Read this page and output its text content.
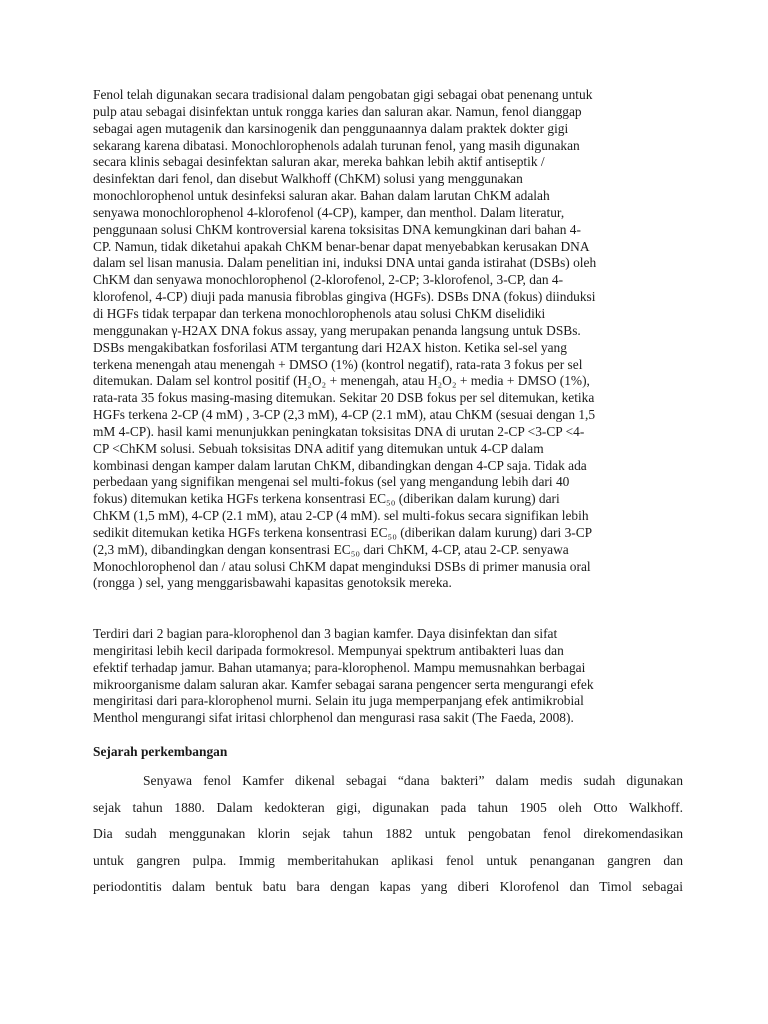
Fenol telah digunakan secara tradisional dalam pengobatan gigi sebagai obat penenang untuk

pulp atau sebagai disinfektan untuk rongga karies dan saluran akar. Namun, fenol dianggap

sebagai agen mutagenik dan karsinogenik dan penggunaannya dalam praktek dokter gigi

sekarang karena dibatasi. Monochlorophenols adalah turunan fenol, yang masih digunakan

secara klinis sebagai desinfektan saluran akar, mereka bahkan lebih aktif antiseptik /

desinfektan dari fenol, dan disebut Walkhoff (ChKM) solusi yang menggunakan

monochlorophenol untuk desinfeksi saluran akar. Bahan dalam larutan ChKM adalah

senyawa monochlorophenol 4-klorofenol (4-CP), kamper, dan menthol. Dalam literatur,

penggunaan solusi ChKM kontroversial karena toksisitas DNA kemungkinan dari bahan 4-

CP. Namun, tidak diketahui apakah ChKM benar-benar dapat menyebabkan kerusakan DNA

dalam sel lisan manusia. Dalam penelitian ini, induksi DNA untai ganda istirahat (DSBs) oleh

ChKM dan senyawa monochlorophenol (2-klorofenol, 2-CP; 3-klorofenol, 3-CP, dan 4-

klorofenol, 4-CP) diuji pada manusia fibroblas gingiva (HGFs). DSBs DNA (fokus) diinduksi

di HGFs tidak terpapar dan terkena monochlorophenols atau solusi ChKM diselidiki

menggunakan γ-H2AX DNA fokus assay, yang merupakan penanda langsung untuk DSBs.

DSBs mengakibatkan fosforilasi ATM tergantung dari H2AX histon. Ketika sel-sel yang

terkena menengah atau menengah + DMSO (1%) (kontrol negatif), rata-rata 3 fokus per sel

ditemukan. Dalam sel kontrol positif (H₂O₂ + menengah, atau H₂O₂ + media + DMSO (1%),

rata-rata 35 fokus masing-masing ditemukan. Sekitar 20 DSB fokus per sel ditemukan, ketika

HGFs terkena 2-CP (4 mM) , 3-CP (2,3 mM), 4-CP (2.1 mM), atau ChKM (sesuai dengan 1,5

mM 4-CP). hasil kami menunjukkan peningkatan toksisitas DNA di urutan 2-CP <3-CP <4-

CP <ChKM solusi. Sebuah toksisitas DNA aditif yang ditemukan untuk 4-CP dalam

kombinasi dengan kamper dalam larutan ChKM, dibandingkan dengan 4-CP saja. Tidak ada

perbedaan yang signifikan mengenai sel multi-fokus (sel yang mengandung lebih dari 40

fokus) ditemukan ketika HGFs terkena konsentrasi EC₅₀ (diberikan dalam kurung) dari

ChKM (1,5 mM), 4-CP (2.1 mM), atau 2-CP (4 mM). sel multi-fokus secara signifikan lebih

sedikit ditemukan ketika HGFs terkena konsentrasi EC₅₀ (diberikan dalam kurung) dari 3-CP

(2,3 mM), dibandingkan dengan konsentrasi EC₅₀ dari ChKM, 4-CP, atau 2-CP. senyawa

Monochlorophenol dan / atau solusi ChKM dapat menginduksi DSBs di primer manusia oral

(rongga ) sel, yang menggarisbawahi kapasitas genotoksik mereka.

Terdiri dari 2 bagian para-klorophenol dan 3 bagian kamfer. Daya disinfektan dan sifat

mengiritasi lebih kecil daripada formokresol. Mempunyai spektrum antibakteri luas dan

efektif terhadap jamur. Bahan utamanya; para-klorophenol. Mampu memusnahkan berbagai

mikroorganisme dalam saluran akar. Kamfer sebagai sarana pengencer serta mengurangi efek

mengiritasi dari para-klorophenol murni. Selain itu juga memperpanjang efek antimikrobial

Menthol mengurangi sifat iritasi chlorphenol dan mengurasi rasa sakit (The Faeda, 2008).

Sejarah perkembangan

Senyawa fenol Kamfer dikenal sebagai “dana bakteri” dalam medis sudah digunakan

sejak tahun 1880. Dalam kedokteran gigi, digunakan pada tahun 1905 oleh Otto Walkhoff.

Dia sudah menggunakan klorin sejak tahun 1882 untuk pengobatan fenol direkomendasikan

untuk gangren pulpa. Immig memberitahukan aplikasi fenol untuk penanganan gangren dan

periodontitis dalam bentuk batu bara dengan kapas yang diberi Klorofenol dan Timol sebagai
